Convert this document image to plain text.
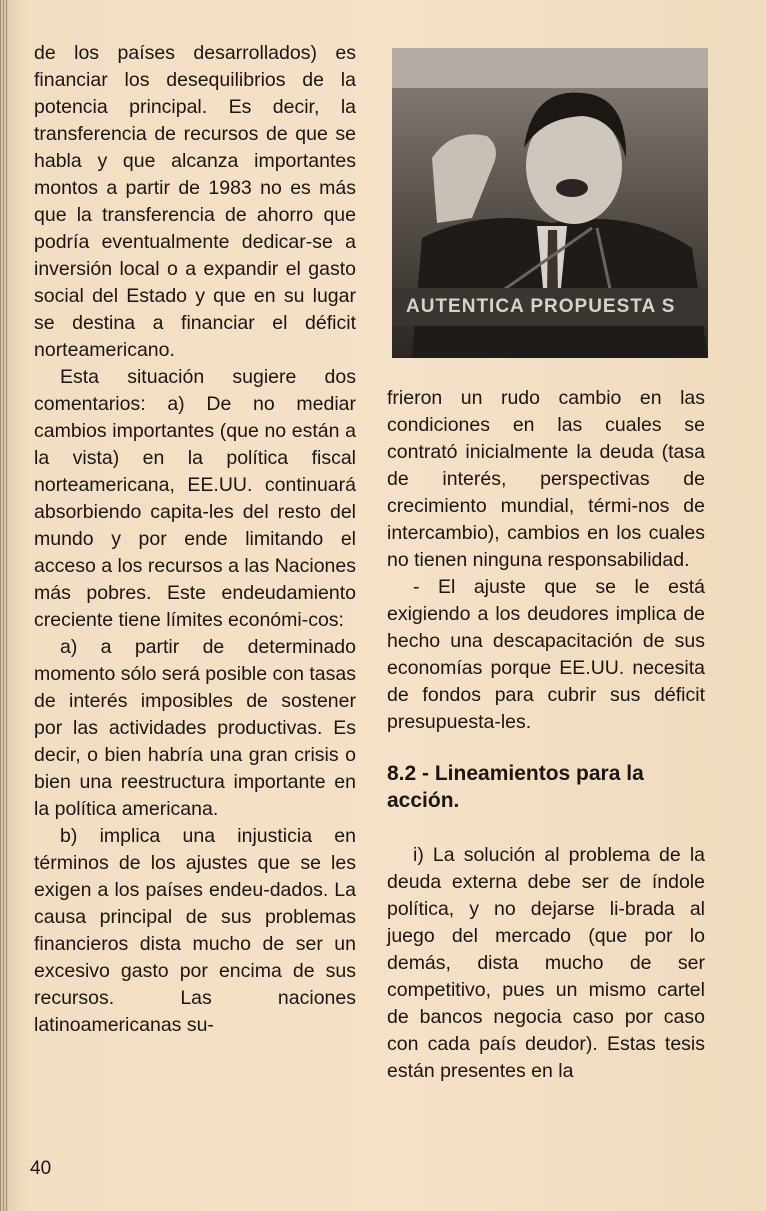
de los países desarrollados) es financiar los desequilibrios de la potencia principal. Es decir, la transferencia de recursos de que se habla y que alcanza importantes montos a partir de 1983 no es más que la transferencia de ahorro que podría eventualmente dedicar-se a inversión local o a expandir el gasto social del Estado y que en su lugar se destina a financiar el déficit norteamericano.

Esta situación sugiere dos comentarios: a) De no mediar cambios importantes (que no están a la vista) en la política fiscal norteamericana, EE.UU. continuará absorbiendo capita-les del resto del mundo y por ende limitando el acceso a los recursos a las Naciones más pobres. Este endeudamiento creciente tiene límites económi-cos:

a) a partir de determinado momento sólo será posible con tasas de interés imposibles de sostener por las actividades productivas. Es decir, o bien habría una gran crisis o bien una reestructura importante en la política americana.

b) implica una injusticia en términos de los ajustes que se les exigen a los países endeu-dados. La causa principal de sus problemas financieros dista mucho de ser un excesivo gasto por encima de sus recursos. Las naciones latinoamericanas su-

AUTENTICA PROPUESTA S

frieron un rudo cambio en las condiciones en las cuales se contrató inicialmente la deuda (tasa de interés, perspectivas de crecimiento mundial, térmi-nos de intercambio), cambios en los cuales no tienen ninguna responsabilidad.

- El ajuste que se le está exigiendo a los deudores implica de hecho una descapacitación de sus economías porque EE.UU. necesita de fondos para cubrir sus déficit presupuesta-les.

8.2 - Lineamientos para la acción.

i) La solución al problema de la deuda externa debe ser de índole política, y no dejarse li-brada al juego del mercado (que por lo demás, dista mucho de ser competitivo, pues un mismo cartel de bancos negocia caso por caso con cada país deudor). Estas tesis están presentes en la

40
